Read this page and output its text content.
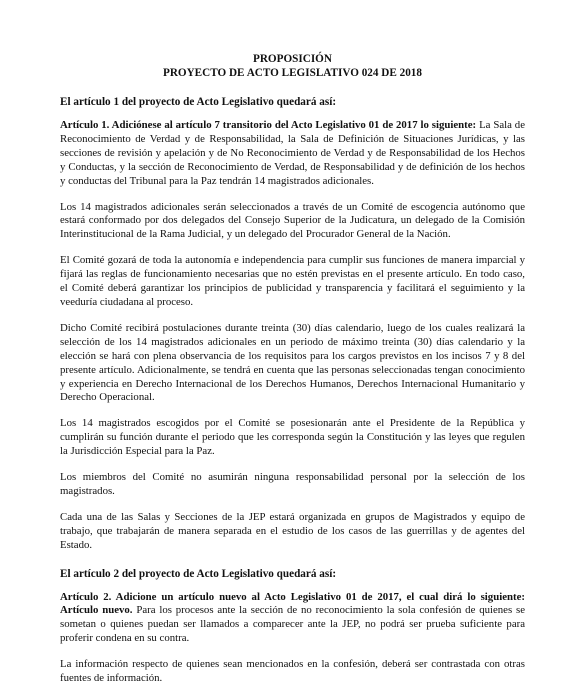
PROPOSICIÓN
PROYECTO DE ACTO LEGISLATIVO 024 DE 2018
El artículo 1 del proyecto de Acto Legislativo quedará así:

Artículo 1. Adiciónese al artículo 7 transitorio del Acto Legislativo 01 de 2017 lo siguiente: La Sala de Reconocimiento de Verdad y de Responsabilidad, la Sala de Definición de Situaciones Jurídicas, y las secciones de revisión y apelación y de No Reconocimiento de Verdad y de Responsabilidad de los Hechos y Conductas, y la sección de Reconocimiento de Verdad, de Responsabilidad y de definición de los hechos y conductas del Tribunal para la Paz tendrán 14 magistrados adicionales.

Los 14 magistrados adicionales serán seleccionados a través de un Comité de escogencia autónomo que estará conformado por dos delegados del Consejo Superior de la Judicatura, un delegado de la Comisión Interinstitucional de la Rama Judicial, y un delegado del Procurador General de la Nación.

El Comité gozará de toda la autonomía e independencia para cumplir sus funciones de manera imparcial y fijará las reglas de funcionamiento necesarias que no estén previstas en el presente artículo. En todo caso, el Comité deberá garantizar los principios de publicidad y transparencia y facilitará el seguimiento y la veeduría ciudadana al proceso.

Dicho Comité recibirá postulaciones durante treinta (30) días calendario, luego de los cuales realizará la selección de los 14 magistrados adicionales en un periodo de máximo treinta (30) días calendario y la elección se hará con plena observancia de los requisitos para los cargos previstos en los incisos 7 y 8 del presente artículo. Adicionalmente, se tendrá en cuenta que las personas seleccionadas tengan conocimiento y experiencia en Derecho Internacional de los Derechos Humanos, Derechos Internacional Humanitario y Derecho Operacional.

Los 14 magistrados escogidos por el Comité se posesionarán ante el Presidente de la República y cumplirán su función durante el periodo que les corresponda según la Constitución y las leyes que regulen la Jurisdicción Especial para la Paz.

Los miembros del Comité no asumirán ninguna responsabilidad personal por la selección de los magistrados.

Cada una de las Salas y Secciones de la JEP estará organizada en grupos de Magistrados y equipo de trabajo, que trabajarán de manera separada en el estudio de los casos de las guerrillas y de agentes del Estado.

El artículo 2 del proyecto de Acto Legislativo quedará así:

Artículo 2. Adicione un artículo nuevo al Acto Legislativo 01 de 2017, el cual dirá lo siguiente: Artículo nuevo. Para los procesos ante la sección de no reconocimiento la sola confesión de quienes se sometan o quienes puedan ser llamados a comparecer ante la JEP, no podrá ser prueba suficiente para proferir condena en su contra.

La información respecto de quienes sean mencionados en la confesión, deberá ser contrastada con otras fuentes de información.
